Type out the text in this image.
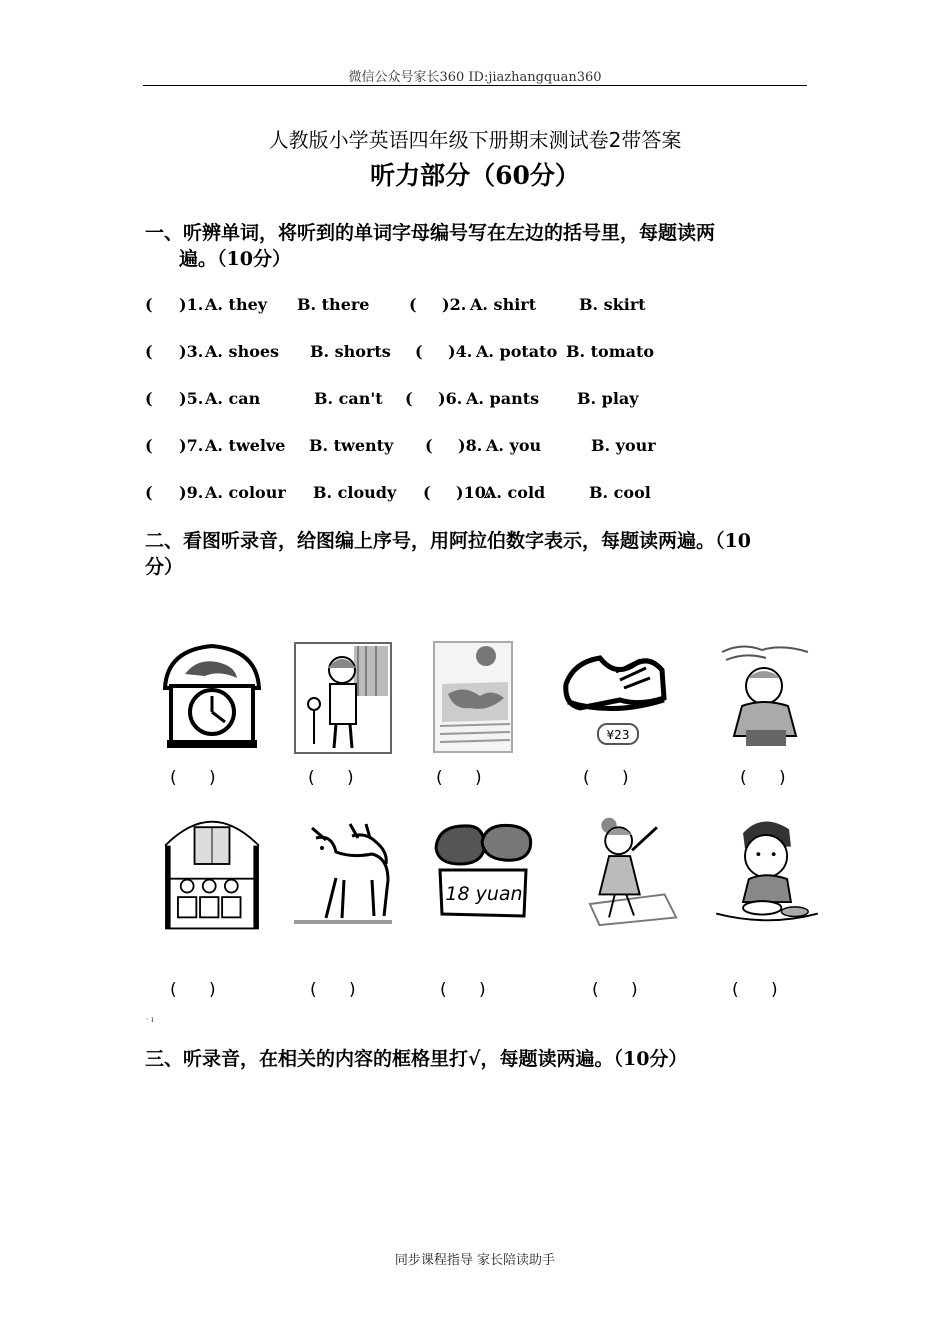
微信公众号家长360 ID:jiazhangquan360
人教版小学英语四年级下册期末测试卷2带答案
听力部分（60分）
一、听辨单词，将听到的单词字母编号写在左边的括号里，每题读两
遍。（10分）
( )1. A. they B. there ( )2. A. shirt	B. skirt
( )3. A. shoes B. shorts ( )4. A. potato B. tomato
( )5. A. can	B. can't ( )6. A. pants B. play
( )7. A. twelve B. twenty ( )8. A. you	B. your
( )9. A. colour B. cloudy ( )10.
A. cold	B. cool
二、看图听录音，给图编上序号，用阿拉伯数字表示，每题读两遍。（10
分）
¥23
(      )	(      )	(      )	(      )	(      )
18 yuan
(      )	(      )	(      )	(      )	(      )
· ı
三、听录音，在相关的内容的框格里打√，每题读两遍。（10分）
同步课程指导 家长陪读助手
